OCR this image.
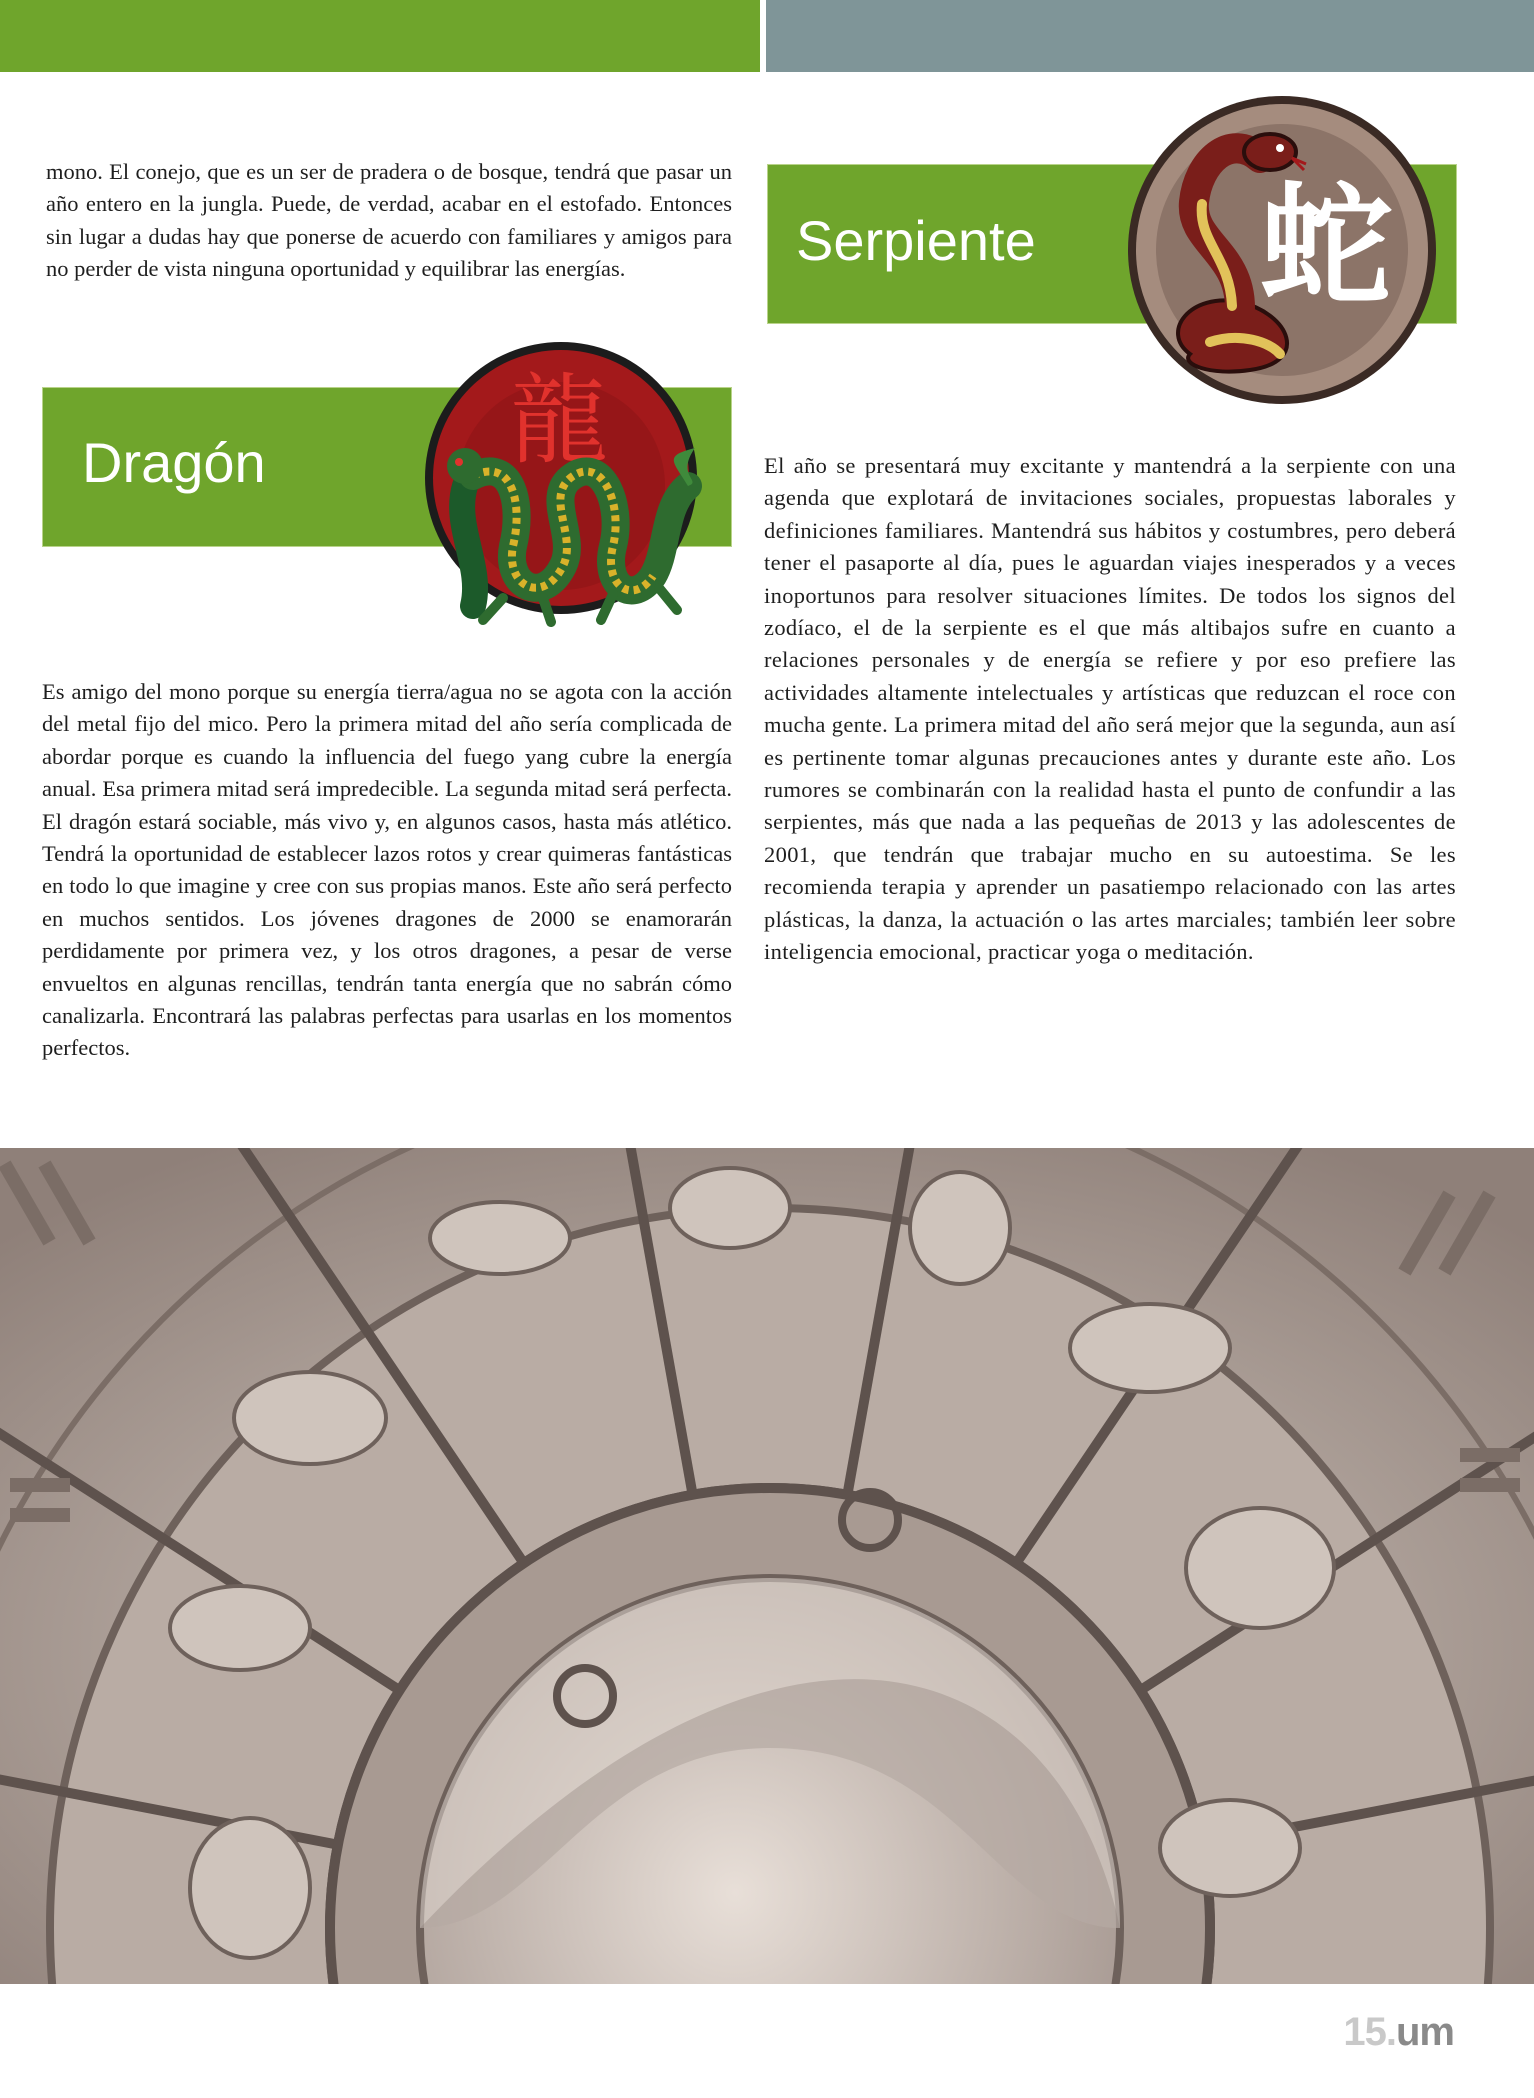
mono. El conejo, que es un ser de pradera o de bosque, tendrá que pasar un año entero en la jungla. Puede, de verdad, acabar en el estofado. Entonces sin lugar a dudas hay que ponerse de acuerdo con familiares y amigos para no perder de vista ninguna oportunidad y equilibrar las energías.

Dragón 龍

Es amigo del mono porque su energía tierra/agua no se agota con la acción del metal fijo del mico. Pero la primera mitad del año sería complicada de abordar porque es cuando la influencia del fuego yang cubre la energía anual. Esa primera mitad será impredecible. La segunda mitad será perfecta. El dragón estará sociable, más vivo y, en algunos casos, hasta más atlético. Tendrá la oportunidad de establecer lazos rotos y crear quimeras fantásticas en todo lo que imagine y cree con sus propias manos. Este año será perfecto en muchos sentidos. Los jóvenes dragones de 2000 se enamorarán perdidamente por primera vez, y los otros dragones, a pesar de verse envueltos en algunas rencillas, tendrán tanta energía que no sabrán cómo canalizarla. Encontrará las palabras perfectas para usarlas en los momentos perfectos.

Serpiente 蛇

El año se presentará muy excitante y mantendrá a la serpiente con una agenda que explotará de invitaciones sociales, propuestas laborales y definiciones familiares. Mantendrá sus hábitos y costumbres, pero deberá tener el pasaporte al día, pues le aguardan viajes inesperados y a veces inoportunos para resolver situaciones límites. De todos los signos del zodíaco, el de la serpiente es el que más altibajos sufre en cuanto a relaciones personales y de energía se refiere y por eso prefiere las actividades altamente intelectuales y artísticas que reduzcan el roce con mucha gente. La primera mitad del año será mejor que la segunda, aun así es pertinente tomar algunas precauciones antes y durante este año. Los rumores se combinarán con la realidad hasta el punto de confundir a las serpientes, más que nada a las pequeñas de 2013 y las adolescentes de 2001, que tendrán que trabajar mucho en su autoestima. Se les recomienda terapia y aprender un pasatiempo relacionado con las artes plásticas, la danza, la actuación o las artes marciales; también leer sobre inteligencia emocional, practicar yoga o meditación.

15.um
